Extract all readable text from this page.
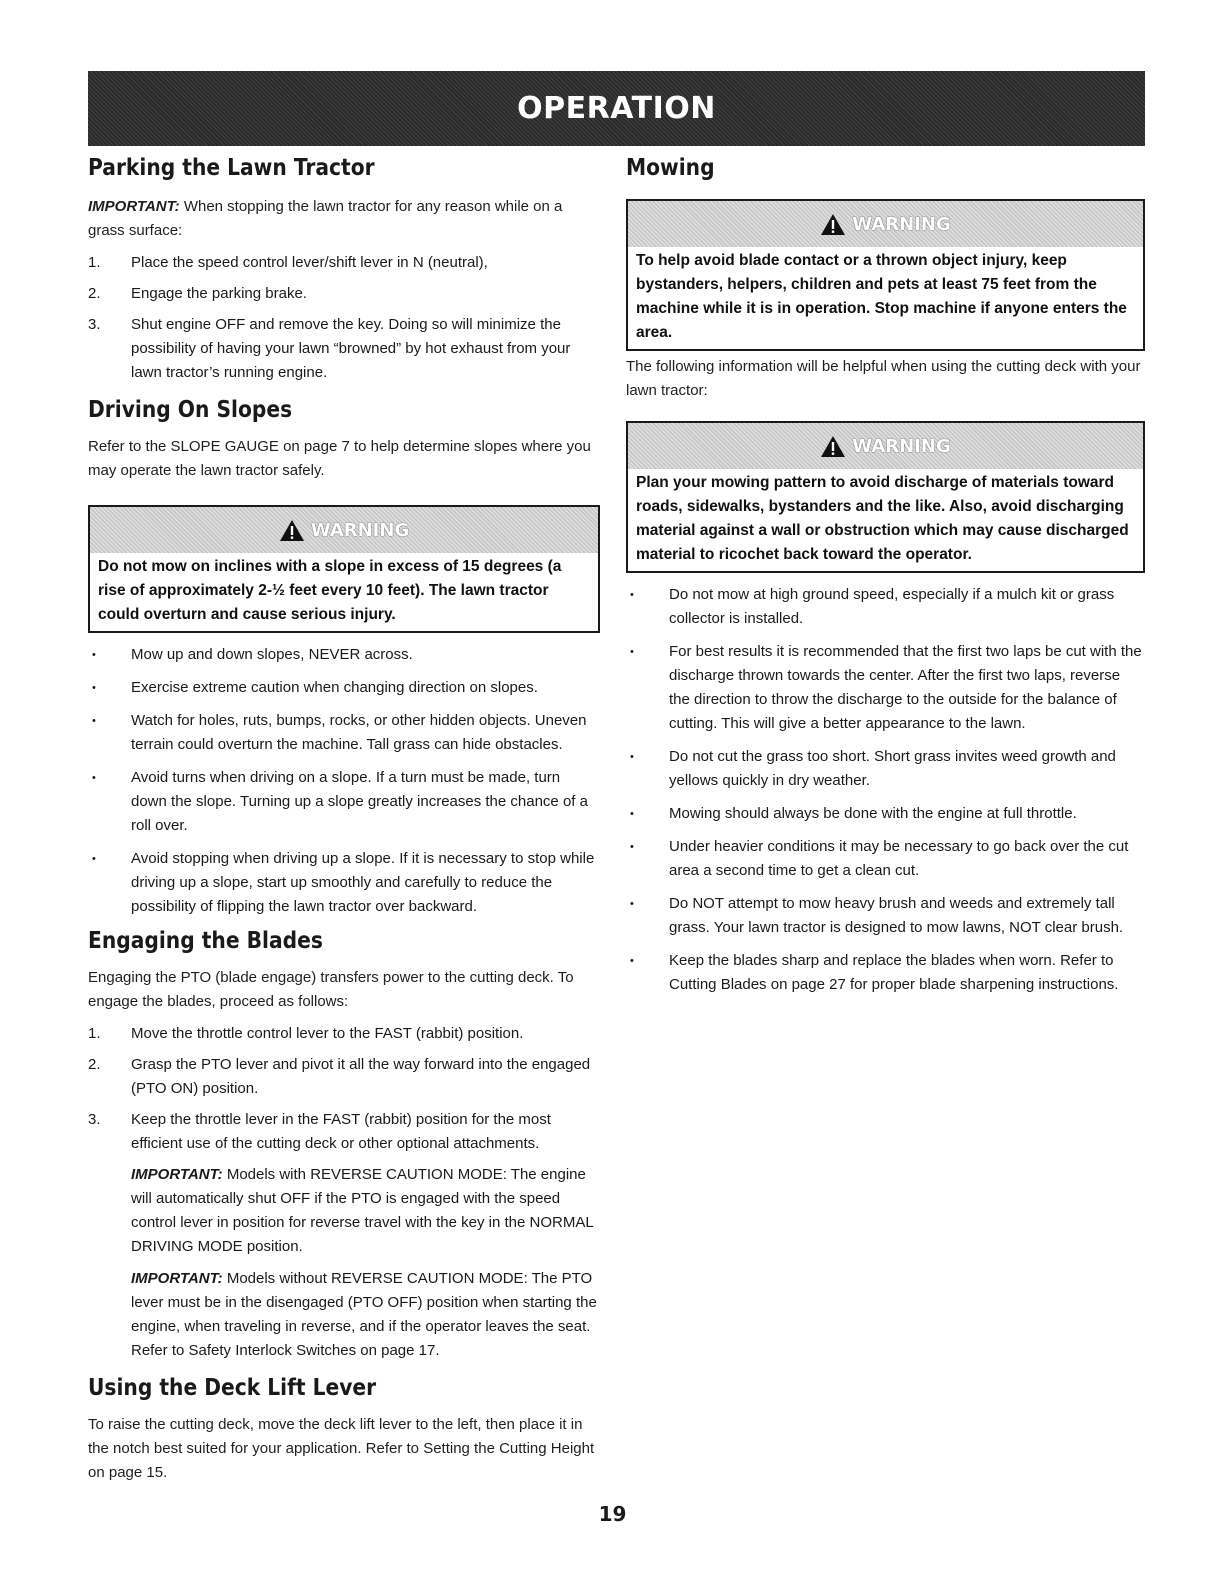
OPERATION
Parking the Lawn Tractor

IMPORTANT: When stopping the lawn tractor for any reason while on a grass surface:

1.	Place the speed control lever/shift lever in N (neutral),
2.	Engage the parking brake.
3.	Shut engine OFF and remove the key. Doing so will minimize the possibility of having your lawn “browned” by hot exhaust from your lawn tractor’s running engine.
Driving On Slopes

Refer to the SLOPE GAUGE on page 7 to help determine slopes where you may operate the lawn tractor safely.

WARNING
Do not mow on inclines with a slope in excess of 15 degrees (a rise of approximately 2-½ feet every 10 feet). The lawn tractor could overturn and cause serious injury.
•	Mow up and down slopes, NEVER across.
•	Exercise extreme caution when changing direction on slopes.
•	Watch for holes, ruts, bumps, rocks, or other hidden objects. Uneven terrain could overturn the machine. Tall grass can hide obstacles.
•	Avoid turns when driving on a slope. If a turn must be made, turn down the slope. Turning up a slope greatly increases the chance of a roll over.
•	Avoid stopping when driving up a slope. If it is necessary to stop while driving up a slope, start up smoothly and carefully to reduce the possibility of flipping the lawn tractor over backward.
Engaging the Blades

Engaging the PTO (blade engage) transfers power to the cutting deck. To engage the blades, proceed as follows:

1.	Move the throttle control lever to the FAST (rabbit) position.
2.	Grasp the PTO lever and pivot it all the way forward into the engaged (PTO ON) position.
3.	Keep the throttle lever in the FAST (rabbit) position for the most efficient use of the cutting deck or other optional attachments.

IMPORTANT: Models with REVERSE CAUTION MODE: The engine will automatically shut OFF if the PTO is engaged with the speed control lever in position for reverse travel with the key in the NORMAL DRIVING MODE position.

IMPORTANT: Models without REVERSE CAUTION MODE: The PTO lever must be in the disengaged (PTO OFF) position when starting the engine, when traveling in reverse, and if the operator leaves the seat. Refer to Safety Interlock Switches on page 17.

Using the Deck Lift Lever

To raise the cutting deck, move the deck lift lever to the left, then place it in the notch best suited for your application. Refer to Setting the Cutting Height on page 15.

Mowing
WARNING
To help avoid blade contact or a thrown object injury, keep bystanders, helpers, children and pets at least 75 feet from the machine while it is in operation. Stop machine if anyone enters the area.

The following information will be helpful when using the cutting deck with your lawn tractor:

WARNING
Plan your mowing pattern to avoid discharge of materials toward roads, sidewalks, bystanders and the like. Also, avoid discharging material against a wall or obstruction which may cause discharged material to ricochet back toward the operator.
•	Do not mow at high ground speed, especially if a mulch kit or grass collector is installed.
•	For best results it is recommended that the first two laps be cut with the discharge thrown towards the center. After the first two laps, reverse the direction to throw the discharge to the outside for the balance of cutting. This will give a better appearance to the lawn.
•	Do not cut the grass too short. Short grass invites weed growth and yellows quickly in dry weather.
•	Mowing should always be done with the engine at full throttle.
•	Under heavier conditions it may be necessary to go back over the cut area a second time to get a clean cut.
•	Do NOT attempt to mow heavy brush and weeds and extremely tall grass. Your lawn tractor is designed to mow lawns, NOT clear brush.
•	Keep the blades sharp and replace the blades when worn. Refer to Cutting Blades on page 27 for proper blade sharpening instructions.
19
